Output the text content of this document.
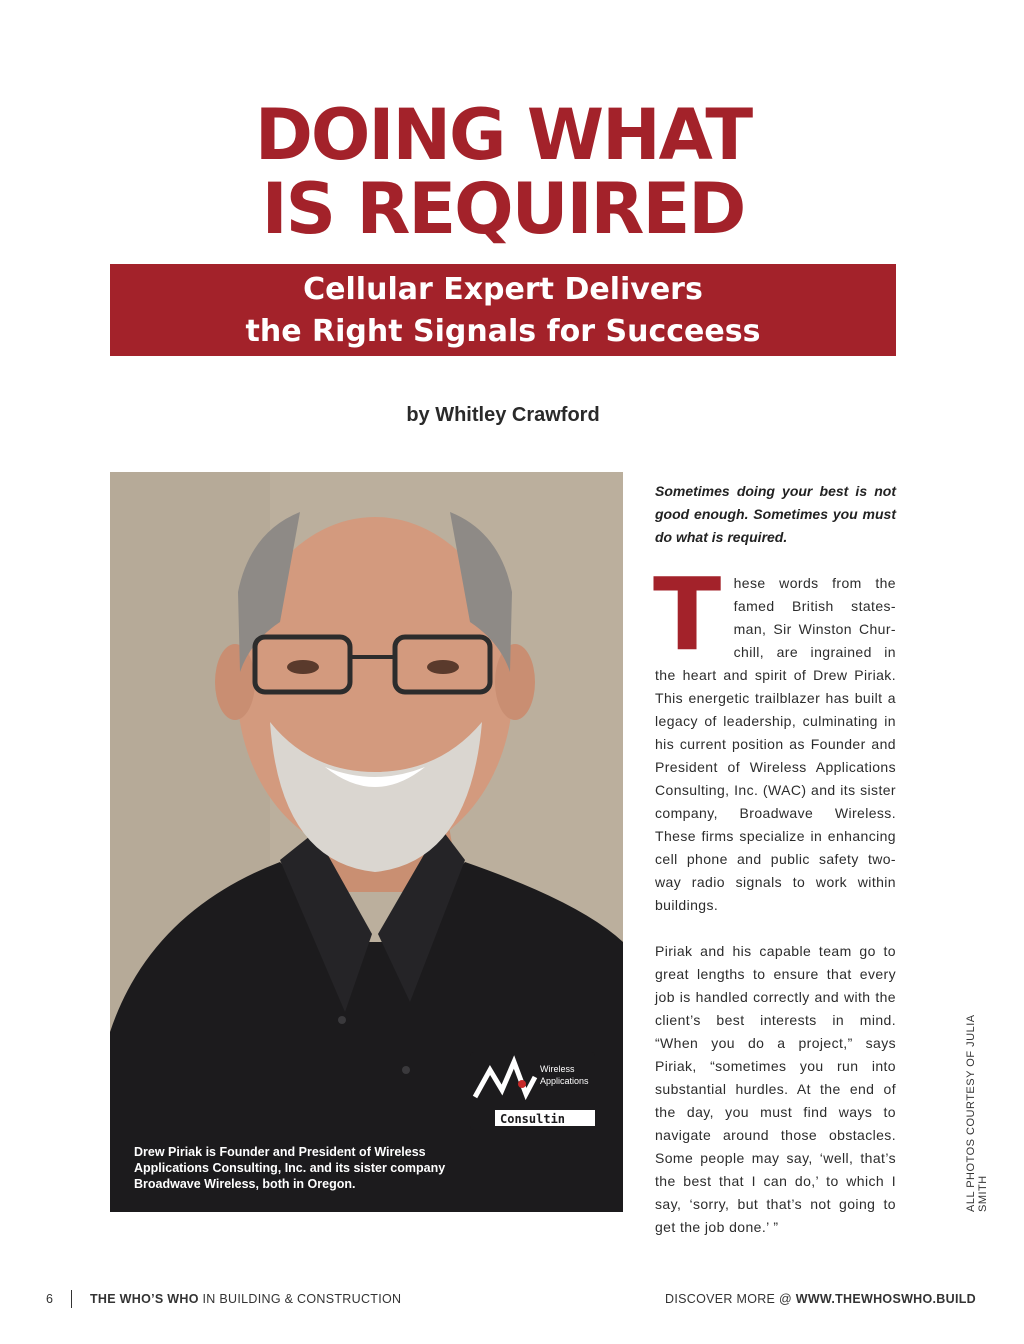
DOING WHAT
IS REQUIRED
Cellular Expert Delivers
the Right Signals for Succeess
by Whitley Crawford
Wireless
Applications
Consultin
Drew Piriak is Founder and President of Wireless Applications Consulting, Inc. and its sister company Broadwave Wireless, both in Oregon.

Sometimes doing your best is not good enough. Sometimes you must do what is required.

T hese words from the famed British states-man, Sir Winston Chur-chill, are ingrained in the heart and spirit of Drew Piriak. This energetic trailblazer has built a legacy of leadership, culminating in his current position as Founder and President of Wireless Applications Consulting, Inc. (WAC) and its sister company, Broadwave Wireless. These firms specialize in enhancing cell phone and public safety two-way radio signals to work within buildings.

Piriak and his capable team go to great lengths to ensure that every job is handled correctly and with the client’s best interests in mind. “When you do a project,” says Piriak, “sometimes you run into substantial hurdles. At the end of the day, you must find ways to navigate around those obstacles. Some people may say, ‘well, that’s the best that I can do,’ to which I say, ‘sorry, but that’s not going to get the job done.’ ”

ALL PHOTOS COURTESY OF JULIA SMITH
6	THE WHO’S WHO IN BUILDING & CONSTRUCTION	DISCOVER MORE @ WWW.THEWHOSWHO.BUILD
